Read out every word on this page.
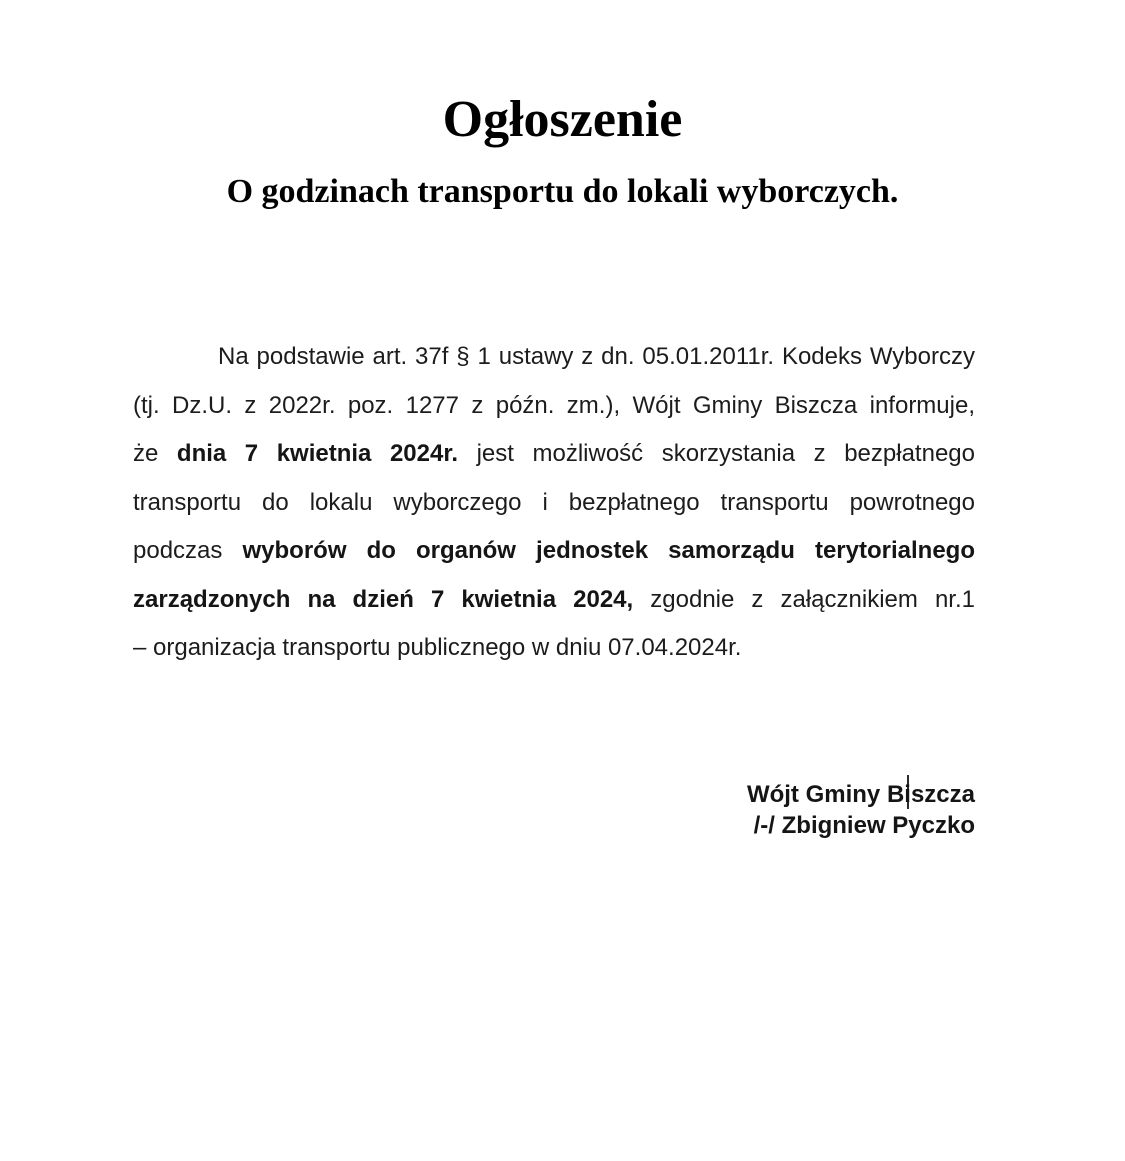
Ogłoszenie
O godzinach transportu do lokali wyborczych.
Na podstawie art. 37f § 1 ustawy z dn. 05.01.2011r. Kodeks Wyborczy
(tj. Dz.U. z 2022r. poz. 1277 z późn. zm.), Wójt Gminy Biszcza informuje,
że dnia 7 kwietnia 2024r. jest możliwość skorzystania z bezpłatnego
transportu do lokalu wyborczego i bezpłatnego transportu powrotnego
podczas wyborów do organów jednostek samorządu terytorialnego
zarządzonych na dzień 7 kwietnia 2024, zgodnie z załącznikiem nr.1
– organizacja transportu publicznego w dniu 07.04.2024r.
Wójt Gminy Biszcza
/-/ Zbigniew Pyczko
